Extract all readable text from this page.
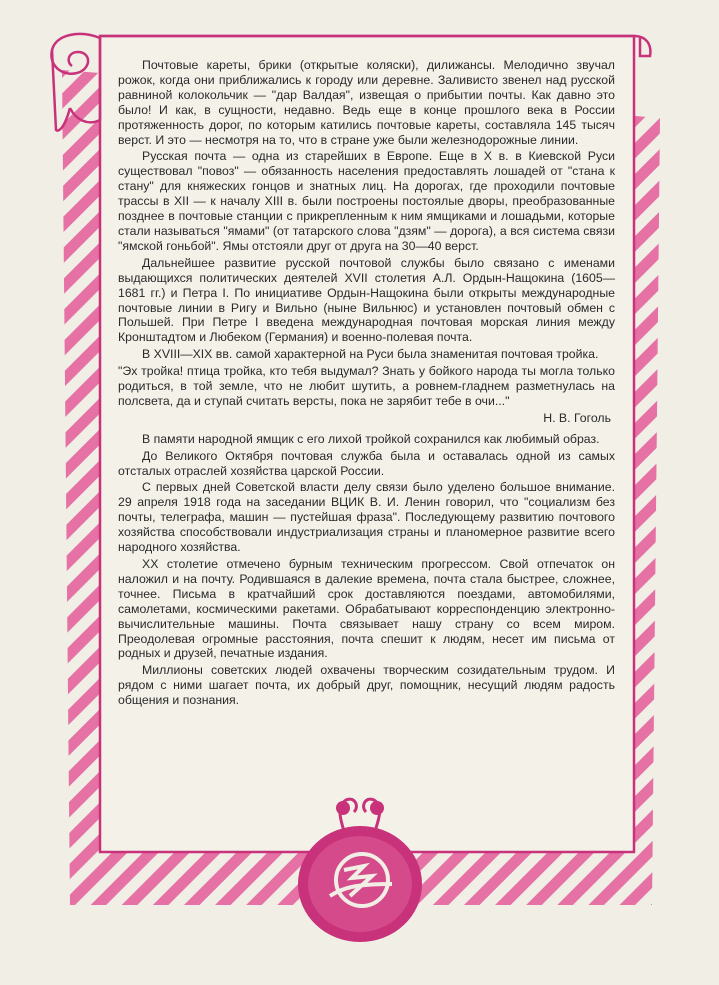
Почтовые кареты, брики (открытые коляски), дилижансы. Мелодично звучал рожок, когда они приближались к городу или деревне. Заливисто звенел над русской равниной колокольчик — "дар Валдая", извещая о прибытии почты. Как давно это было! И как, в сущности, недавно. Ведь еще в конце прошлого века в России протяженность дорог, по которым катились почтовые кареты, составляла 145 тысяч верст. И это — несмотря на то, что в стране уже были железнодорожные линии.

Русская почта — одна из старейших в Европе. Еще в X в. в Киевской Руси существовал "повоз" — обязанность населения предоставлять лошадей от "стана к стану" для княжеских гонцов и знатных лиц. На дорогах, где проходили почтовые трассы в XII — к началу XIII в. были построены постоялые дворы, преобразованные позднее в почтовые станции с прикрепленным к ним ямщиками и лошадьми, которые стали называться "ямами" (от татарского слова "дзям" — дорога), а вся система связи "ямской гоньбой". Ямы отстояли друг от друга на 30—40 верст.

Дальнейшее развитие русской почтовой службы было связано с именами выдающихся политических деятелей XVII столетия А.Л. Ордын-Нащокина (1605—1681 гг.) и Петра I. По инициативе Ордын-Нащокина были открыты международные почтовые линии в Ригу и Вильно (ныне Вильнюс) и установлен почтовый обмен с Польшей. При Петре I введена международная почтовая морская линия между Кронштадтом и Любеком (Германия) и военно-полевая почта.

В XVIII—XIX вв. самой характерной на Руси была знаменитая почтовая тройка.

"Эх тройка! птица тройка, кто тебя выдумал? Знать у бойкого народа ты могла только родиться, в той земле, что не любит шутить, а ровнем-гладнем разметнулась на полсвета, да и ступай считать версты, пока не зарябит тебе в очи..."

Н. В. Гоголь

В памяти народной ямщик с его лихой тройкой сохранился как любимый образ.

До Великого Октября почтовая служба была и оставалась одной из самых отсталых отраслей хозяйства царской России.

С первых дней Советской власти делу связи было уделено большое внимание. 29 апреля 1918 года на заседании ВЦИК В. И. Ленин говорил, что "социализм без почты, телеграфа, машин — пустейшая фраза". Последующему развитию почтового хозяйства способствовали индустриализация страны и планомерное развитие всего народного хозяйства.

XX столетие отмечено бурным техническим прогрессом. Свой отпечаток он наложил и на почту. Родившаяся в далекие времена, почта стала быстрее, сложнее, точнее. Письма в кратчайший срок доставляются поездами, автомобилями, самолетами, космическими ракетами. Обрабатывают корреспонденцию электронно-вычислительные машины. Почта связывает нашу страну со всем миром. Преодолевая огромные расстояния, почта спешит к людям, несет им письма от родных и друзей, печатные издания.

Миллионы советских людей охвачены творческим созидательным трудом. И рядом с ними шагает почта, их добрый друг, помощник, несущий людям радость общения и познания.
